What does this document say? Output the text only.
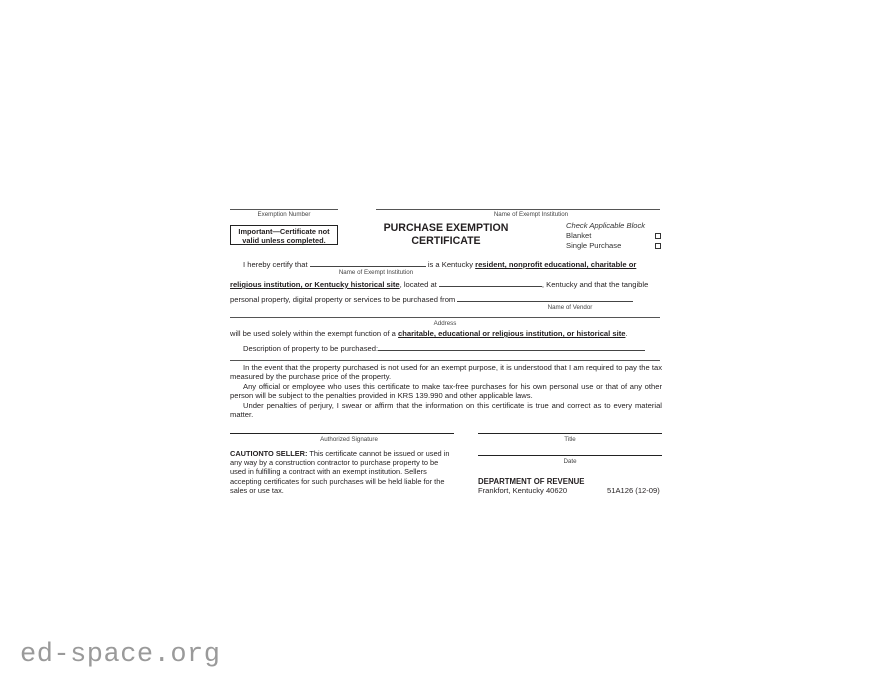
Exemption Number	Name of Exempt Institution
Important—Certificate not
valid unless completed.
PURCHASE EXEMPTION
CERTIFICATE
Check Applicable Block
Blanket
Single Purchase
I hereby certify that	is a Kentucky resident, nonprofit educational, charitable or
Name of Exempt Institution
religious institution, or Kentucky historical site, located at	, Kentucky and that the tangible
personal property, digital property or services to be purchased from
Name of Vendor
Address
will be used solely within the exempt function of a charitable, educational or religious institution, or historical site.
Description of property to be purchased:

In the event that the property purchased is not used for an exempt purpose, it is understood that I am required to pay the tax measured by the purchase price of the property.

Any official or employee who uses this certificate to make tax-free purchases for his own personal use or that of any other person will be subject to the penalties provided in KRS 139.990 and other applicable laws.

Under penalties of perjury, I swear or affirm that the information on this certificate is true and correct as to every material matter.

Authorized Signature	Title
Date
CAUTIONTO SELLER: This certificate cannot be issued or used in any way by a construction contractor to purchase property to be used in fulfilling a contract with an exempt institution. Sellers accepting certificates for such purchases will be held liable for the sales or use tax.
DEPARTMENT OF REVENUE
Frankfort, Kentucky 40620	51A126 (12-09)
ed-space.org
